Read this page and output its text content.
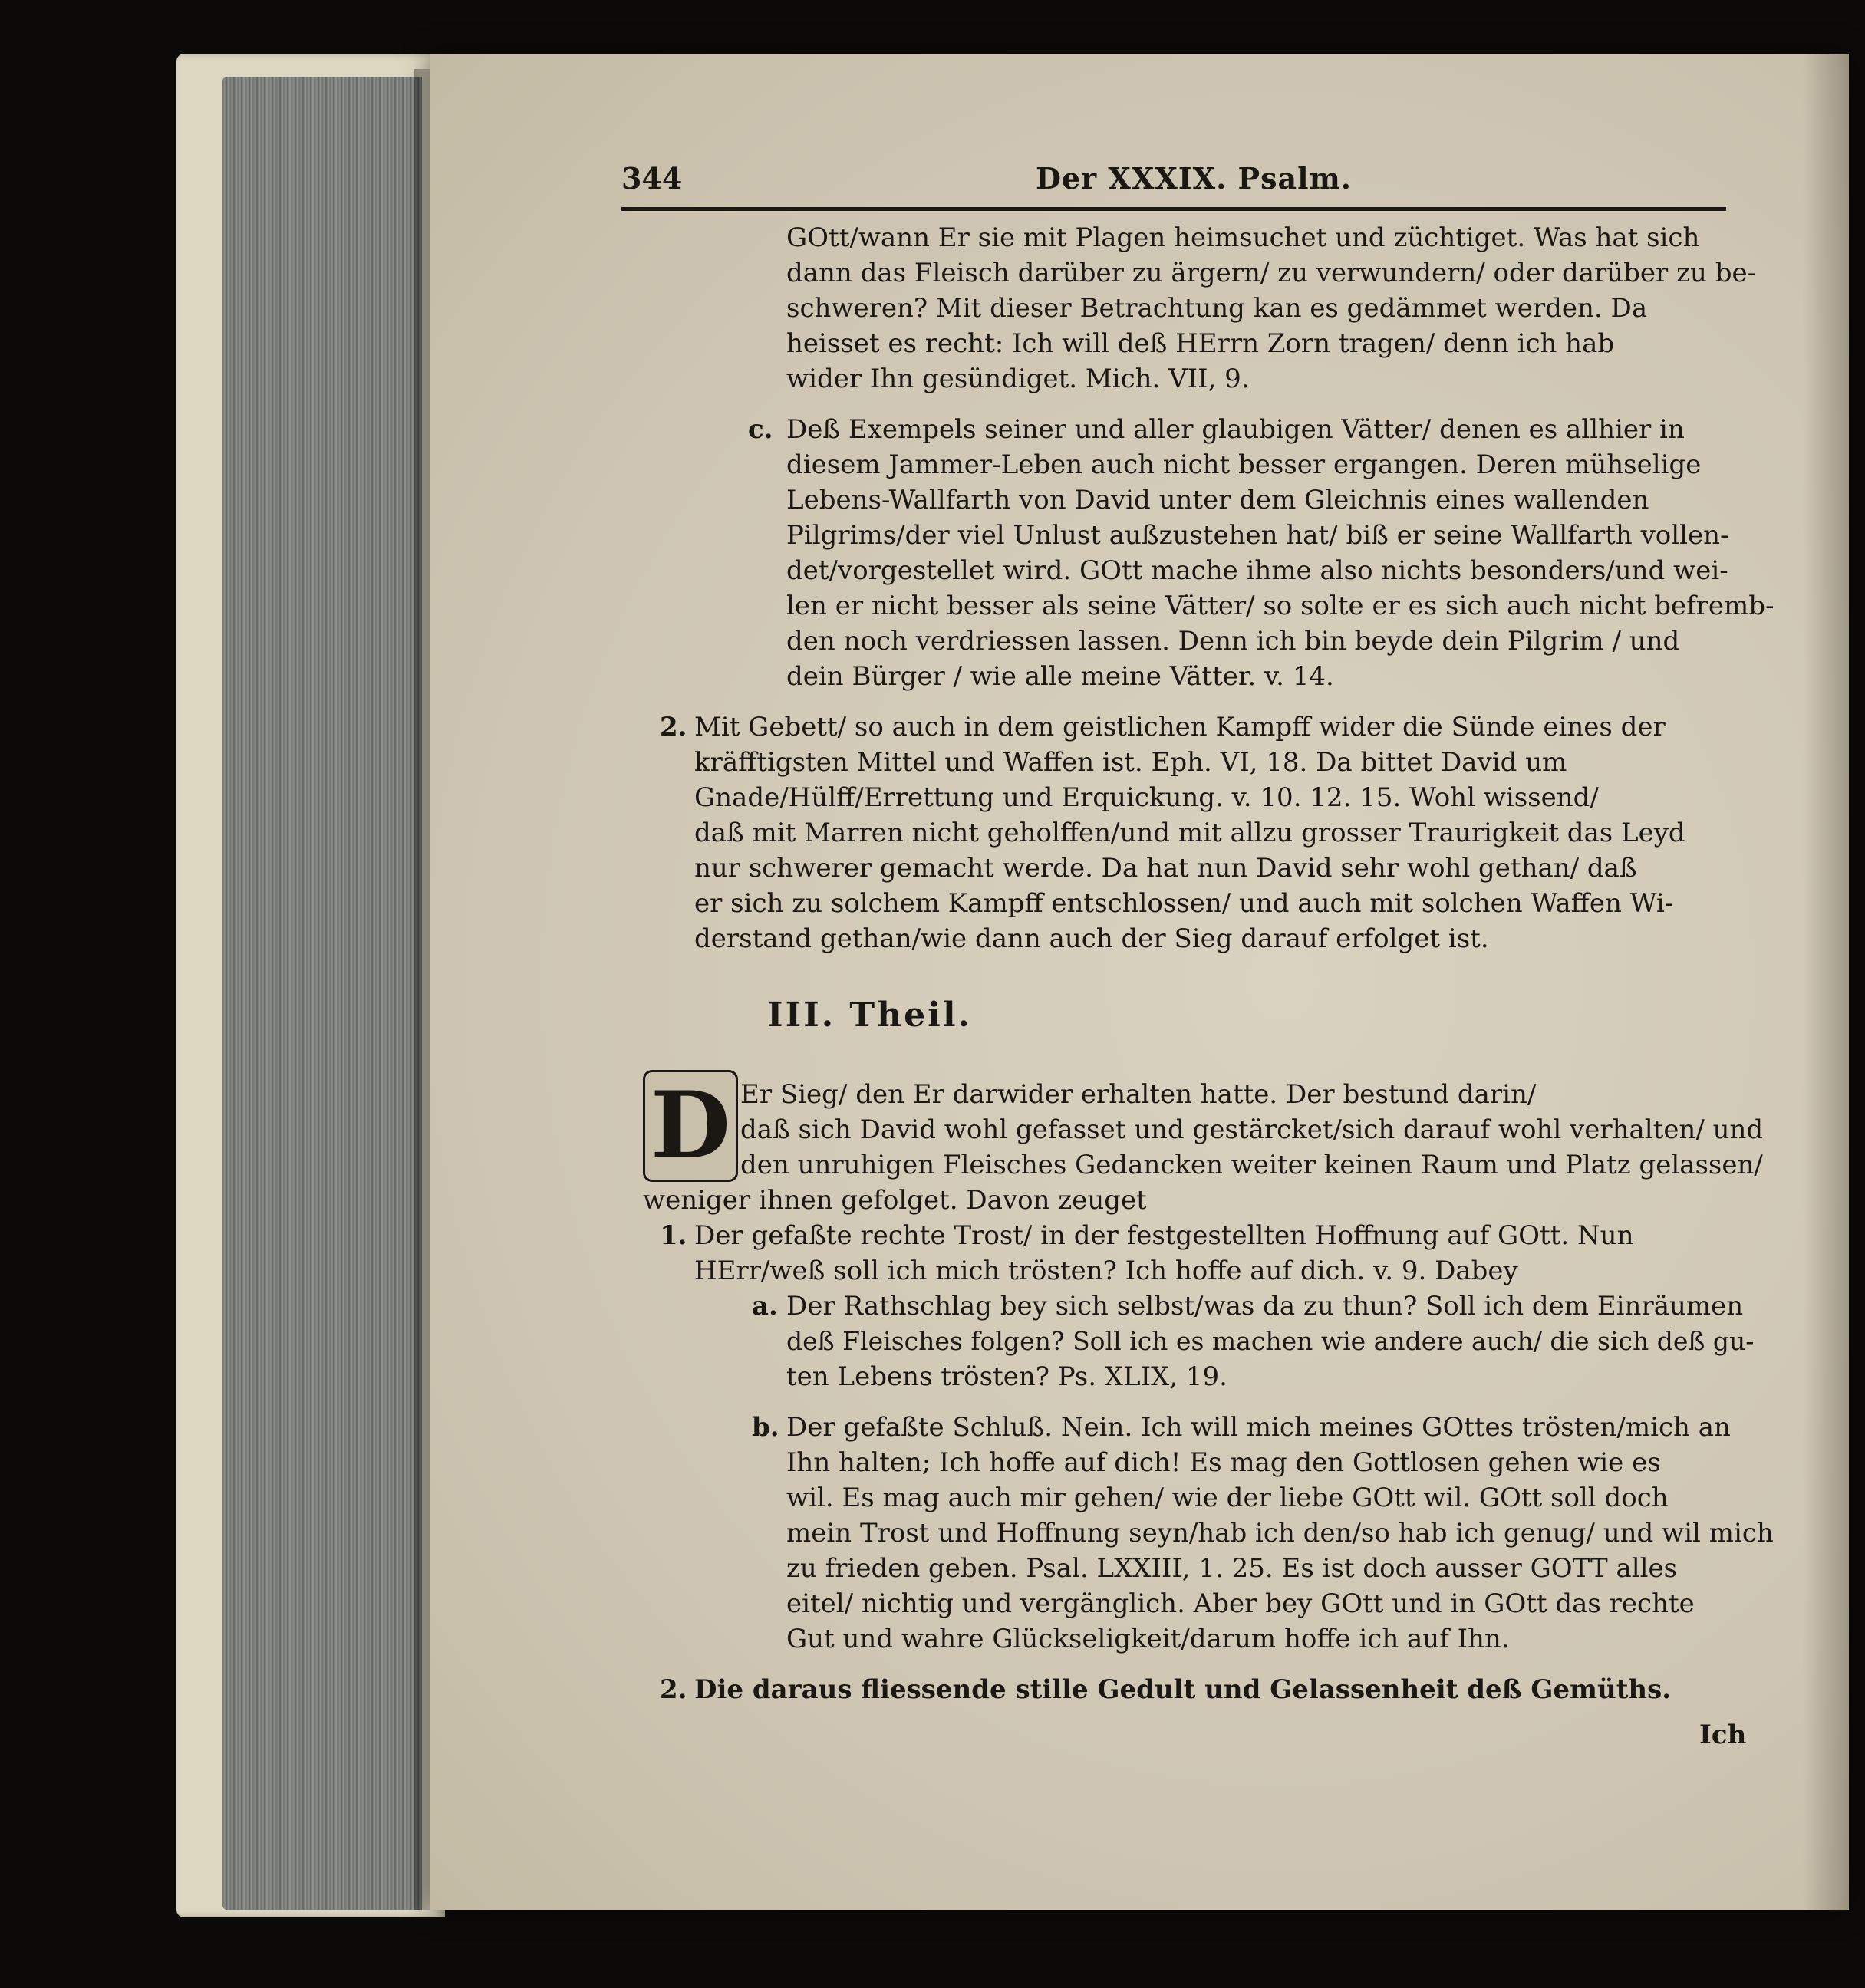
344	Der XXXIX. Psalm.
GOtt/wann Er sie mit Plagen heimsuchet und züchtiget. Was hat sich
dann das Fleisch darüber zu ärgern/ zu verwundern/ oder darüber zu be-
schweren? Mit dieser Betrachtung kan es gedämmet werden. Da
heisset es recht: Ich will deß HErrn Zorn tragen/ denn ich hab
wider Ihn gesündiget. Mich. VII, 9.
c. Deß Exempels seiner und aller glaubigen Vätter/ denen es allhier in
diesem Jammer-Leben auch nicht besser ergangen. Deren mühselige
Lebens-Wallfarth von David unter dem Gleichnis eines wallenden
Pilgrims/der viel Unlust außzustehen hat/ biß er seine Wallfarth vollen-
det/vorgestellet wird. GOtt mache ihme also nichts besonders/und wei-
len er nicht besser als seine Vätter/ so solte er es sich auch nicht befremb-
den noch verdriessen lassen. Denn ich bin beyde dein Pilgrim / und
dein Bürger / wie alle meine Vätter. v. 14.
2. Mit Gebett/ so auch in dem geistlichen Kampff wider die Sünde eines der
kräfftigsten Mittel und Waffen ist. Eph. VI, 18. Da bittet David um
Gnade/Hülff/Errettung und Erquickung. v. 10. 12. 15. Wohl wissend/
daß mit Marren nicht geholffen/und mit allzu grosser Traurigkeit das Leyd
nur schwerer gemacht werde. Da hat nun David sehr wohl gethan/ daß
er sich zu solchem Kampff entschlossen/ und auch mit solchen Waffen Wi-
derstand gethan/wie dann auch der Sieg darauf erfolget ist.
III. Theil.
D Er Sieg/ den Er darwider erhalten hatte. Der bestund darin/
daß sich David wohl gefasset und gestärcket/sich darauf wohl verhalten/ und
den unruhigen Fleisches Gedancken weiter keinen Raum und Platz gelassen/
weniger ihnen gefolget. Davon zeuget
1. Der gefaßte rechte Trost/ in der festgestellten Hoffnung auf GOtt. Nun
HErr/weß soll ich mich trösten? Ich hoffe auf dich. v. 9. Dabey
a. Der Rathschlag bey sich selbst/was da zu thun? Soll ich dem Einräumen
deß Fleisches folgen? Soll ich es machen wie andere auch/ die sich deß gu-
ten Lebens trösten? Ps. XLIX, 19.
b. Der gefaßte Schluß. Nein. Ich will mich meines GOttes trösten/mich an
Ihn halten; Ich hoffe auf dich! Es mag den Gottlosen gehen wie es
wil. Es mag auch mir gehen/ wie der liebe GOtt wil. GOtt soll doch
mein Trost und Hoffnung seyn/hab ich den/so hab ich genug/ und wil mich
zu frieden geben. Psal. LXXIII, 1. 25. Es ist doch ausser GOTT alles
eitel/ nichtig und vergänglich. Aber bey GOtt und in GOtt das rechte
Gut und wahre Glückseligkeit/darum hoffe ich auf Ihn.
2. Die daraus fliessende stille Gedult und Gelassenheit deß Gemüths.
Ich
